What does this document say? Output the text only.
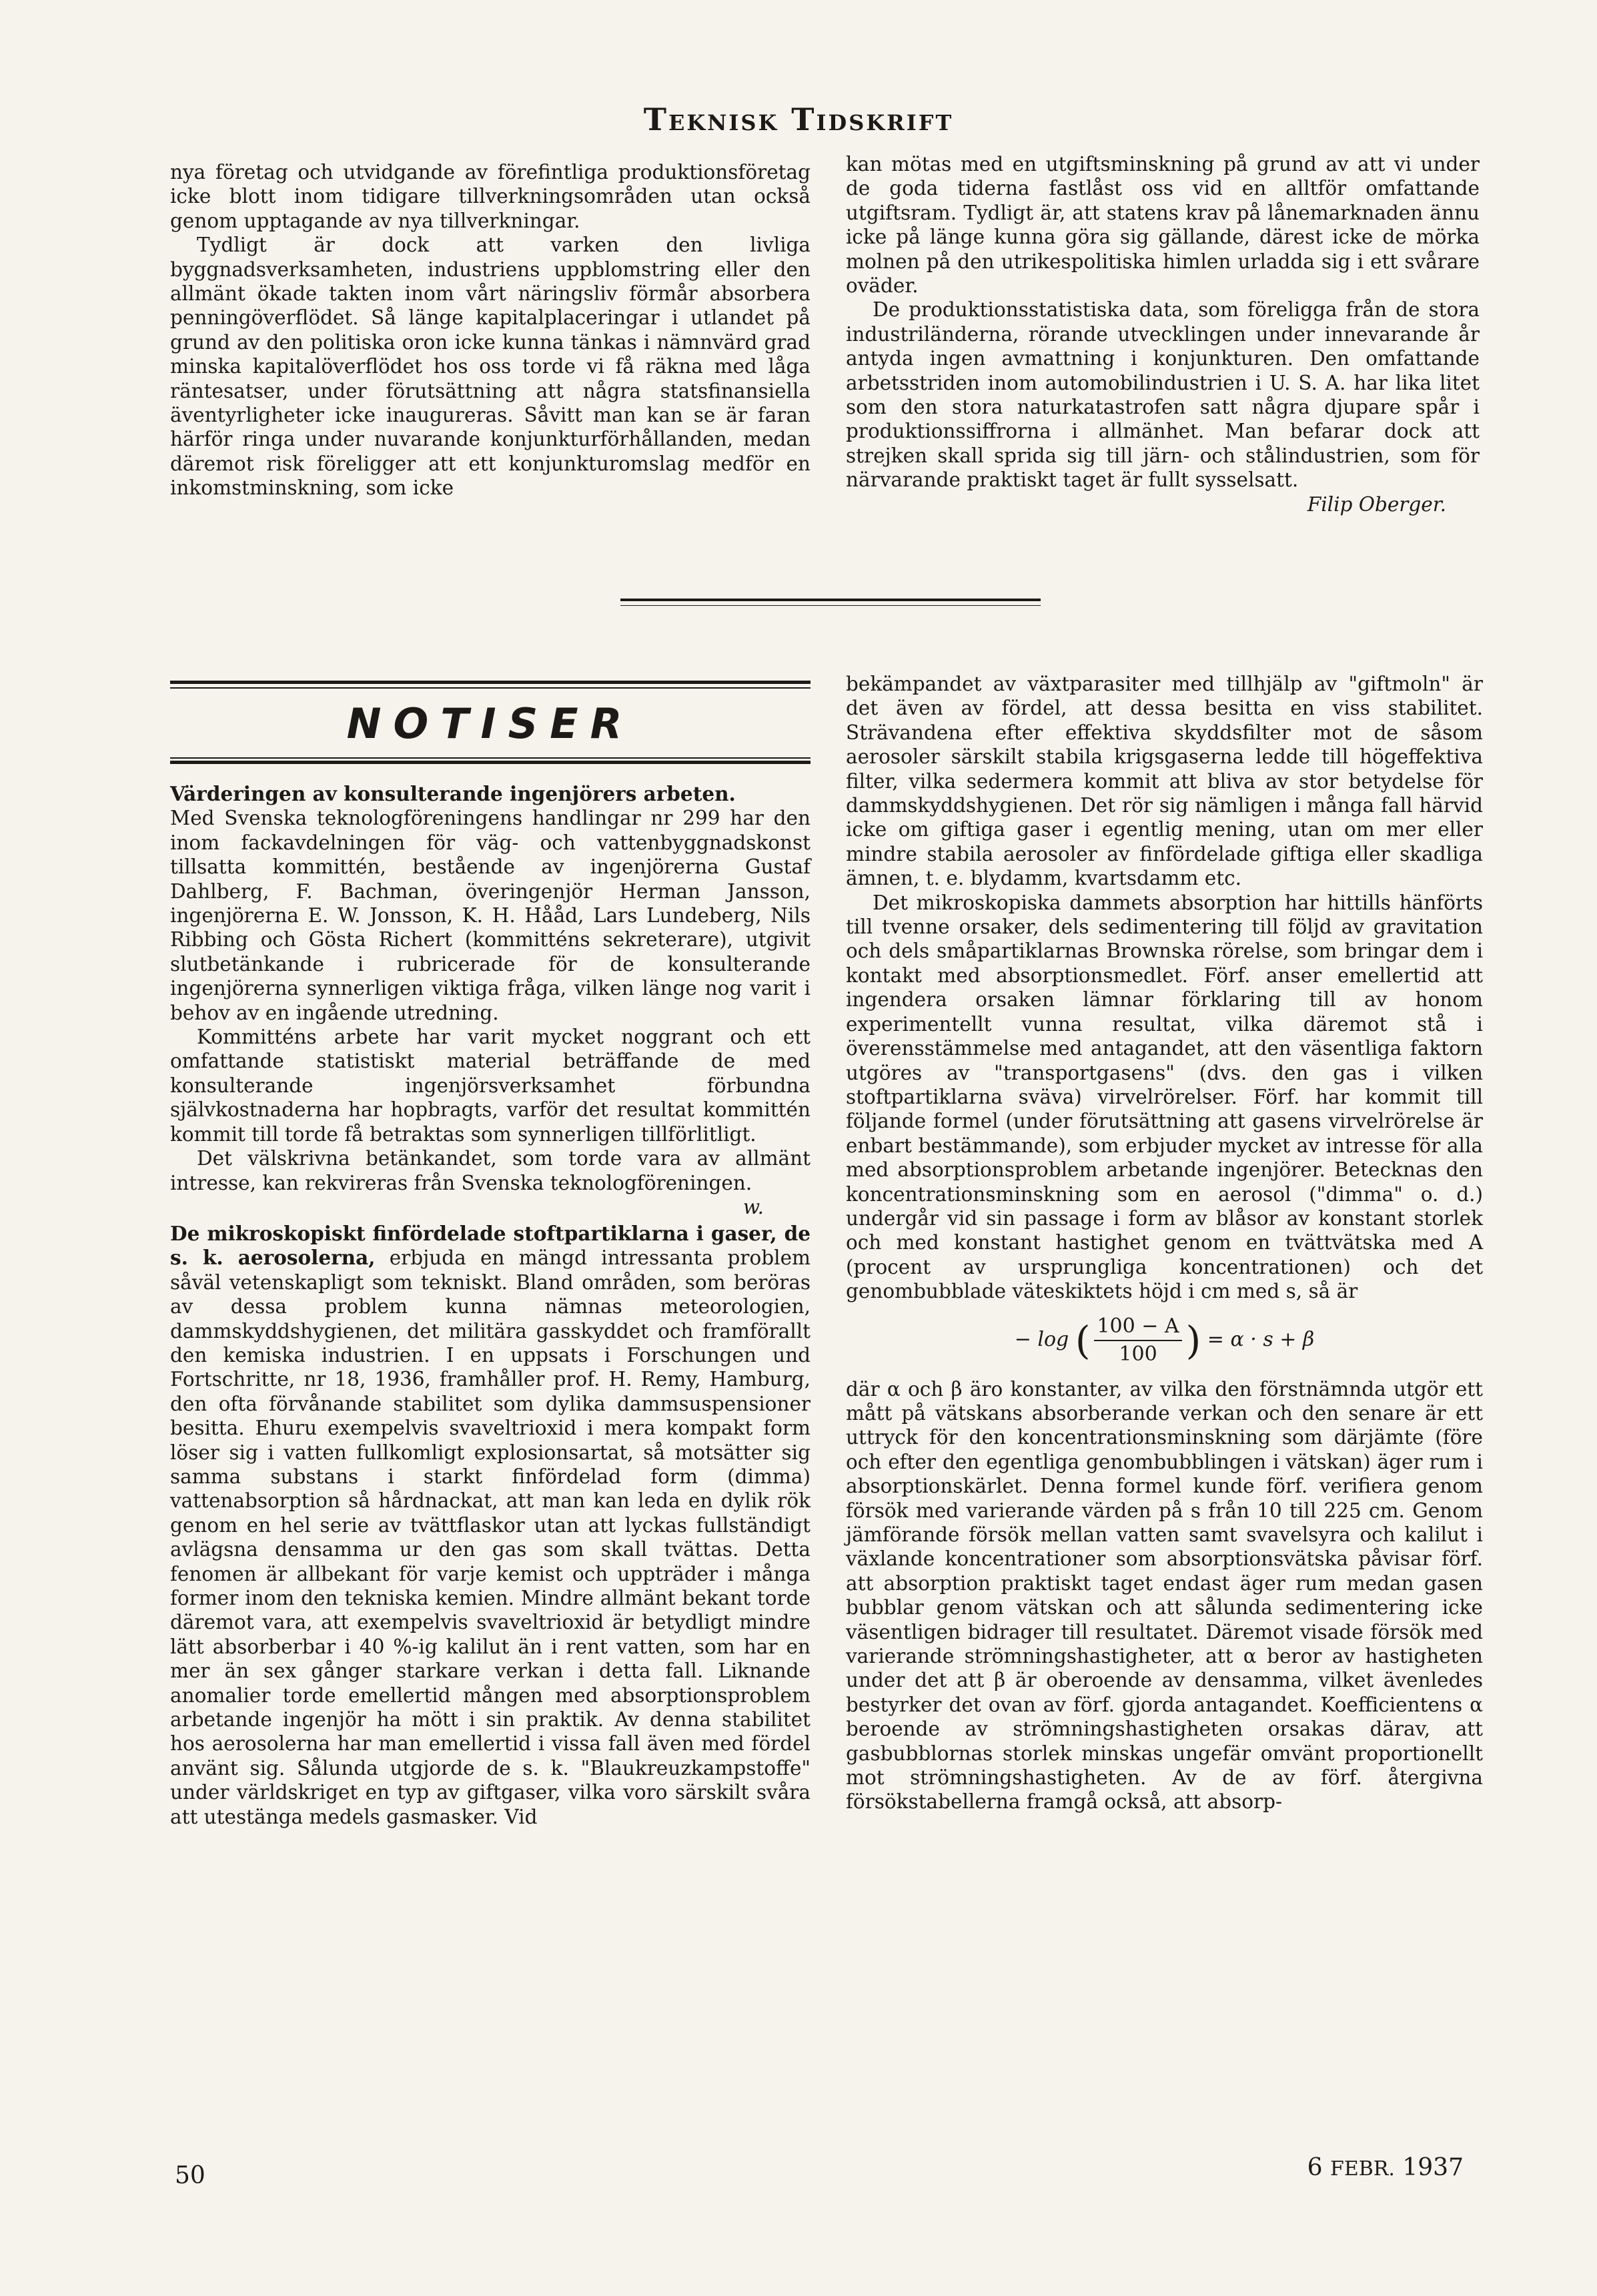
Teknisk Tidskrift

nya företag och utvidgande av förefintliga produktionsföretag icke blott inom tidigare tillverkningsområden utan också genom upptagande av nya tillverkningar.

Tydligt är dock att varken den livliga byggnadsverksamheten, industriens uppblomstring eller den allmänt ökade takten inom vårt näringsliv förmår absorbera penningöverflödet. Så länge kapitalplaceringar i utlandet på grund av den politiska oron icke kunna tänkas i nämnvärd grad minska kapitalöverflödet hos oss torde vi få räkna med låga räntesatser, under förutsättning att några statsfinansiella äventyrligheter icke inaugureras. Såvitt man kan se är faran härför ringa under nuvarande konjunkturförhållanden, medan däremot risk föreligger att ett konjunkturomslag medför en inkomstminskning, som icke

kan mötas med en utgiftsminskning på grund av att vi under de goda tiderna fastlåst oss vid en alltför omfattande utgiftsram. Tydligt är, att statens krav på lånemarknaden ännu icke på länge kunna göra sig gällande, därest icke de mörka molnen på den utrikespolitiska himlen urladda sig i ett svårare oväder.

De produktionsstatistiska data, som föreligga från de stora industriländerna, rörande utvecklingen under innevarande år antyda ingen avmattning i konjunkturen. Den omfattande arbetsstriden inom automobilindustrien i U. S. A. har lika litet som den stora naturkatastrofen satt några djupare spår i produktionssiffrorna i allmänhet. Man befarar dock att strejken skall sprida sig till järn- och stålindustrien, som för närvarande praktiskt taget är fullt sysselsatt.

Filip Oberger.

NOTISER

Värderingen av konsulterande ingenjörers arbeten.
Med Svenska teknologföreningens handlingar nr 299 har den inom fackavdelningen för väg- och vattenbyggnadskonst tillsatta kommittén, bestående av ingenjörerna Gustaf Dahlberg, F. Bachman, överingenjör Herman Jansson, ingenjörerna E. W. Jonsson, K. H. Hååd, Lars Lundeberg, Nils Ribbing och Gösta Richert (kommitténs sekreterare), utgivit slutbetänkande i rubricerade för de konsulterande ingenjörerna synnerligen viktiga fråga, vilken länge nog varit i behov av en ingående utredning.

Kommitténs arbete har varit mycket noggrant och ett omfattande statistiskt material beträffande de med konsulterande ingenjörsverksamhet förbundna självkostnaderna har hopbragts, varför det resultat kommittén kommit till torde få betraktas som synnerligen tillförlitligt.

Det välskrivna betänkandet, som torde vara av allmänt intresse, kan rekvireras från Svenska teknologföreningen.
w.

De mikroskopiskt finfördelade stoftpartiklarna i gaser, de s. k. aerosolerna, erbjuda en mängd intressanta problem såväl vetenskapligt som tekniskt. Bland områden, som beröras av dessa problem kunna nämnas meteorologien, dammskyddshygienen, det militära gasskyddet och framförallt den kemiska industrien. I en uppsats i Forschungen und Fortschritte, nr 18, 1936, framhåller prof. H. Remy, Hamburg, den ofta förvånande stabilitet som dylika dammsuspensioner besitta. Ehuru exempelvis svaveltrioxid i mera kompakt form löser sig i vatten fullkomligt explosionsartat, så motsätter sig samma substans i starkt finfördelad form (dimma) vattenabsorption så hårdnackat, att man kan leda en dylik rök genom en hel serie av tvättflaskor utan att lyckas fullständigt avlägsna densamma ur den gas som skall tvättas. Detta fenomen är allbekant för varje kemist och uppträder i många former inom den tekniska kemien. Mindre allmänt bekant torde däremot vara, att exempelvis svaveltrioxid är betydligt mindre lätt absorberbar i 40 %-ig kalilut än i rent vatten, som har en mer än sex gånger starkare verkan i detta fall. Liknande anomalier torde emellertid mången med absorptionsproblem arbetande ingenjör ha mött i sin praktik. Av denna stabilitet hos aerosolerna har man emellertid i vissa fall även med fördel använt sig. Sålunda utgjorde de s. k. "Blaukreuzkampstoffe" under världskriget en typ av giftgaser, vilka voro särskilt svåra att utestänga medels gasmasker. Vid

bekämpandet av växtparasiter med tillhjälp av "giftmoln" är det även av fördel, att dessa besitta en viss stabilitet. Strävandena efter effektiva skyddsfilter mot de såsom aerosoler särskilt stabila krigsgaserna ledde till högeffektiva filter, vilka sedermera kommit att bliva av stor betydelse för dammskyddshygienen. Det rör sig nämligen i många fall härvid icke om giftiga gaser i egentlig mening, utan om mer eller mindre stabila aerosoler av finfördelade giftiga eller skadliga ämnen, t. e. blydamm, kvartsdamm etc.

Det mikroskopiska dammets absorption har hittills hänförts till tvenne orsaker, dels sedimentering till följd av gravitation och dels småpartiklarnas Brownska rörelse, som bringar dem i kontakt med absorptionsmedlet. Förf. anser emellertid att ingendera orsaken lämnar förklaring till av honom experimentellt vunna resultat, vilka däremot stå i överensstämmelse med antagandet, att den väsentliga faktorn utgöres av "transportgasens" (dvs. den gas i vilken stoftpartiklarna sväva) virvelrörelser. Förf. har kommit till följande formel (under förutsättning att gasens virvelrörelse är enbart bestämmande), som erbjuder mycket av intresse för alla med absorptionsproblem arbetande ingenjörer. Betecknas den koncentrationsminskning som en aerosol ("dimma" o. d.) undergår vid sin passage i form av blåsor av konstant storlek och med konstant hastighet genom en tvättvätska med A (procent av ursprungliga koncentrationen) och det genombubblade väteskiktets höjd i cm med s, så är

− log ( $\frac{100 - A}{100}$ ) = α · s + β

där α och β äro konstanter, av vilka den förstnämnda utgör ett mått på vätskans absorberande verkan och den senare är ett uttryck för den koncentrationsminskning som därjämte (före och efter den egentliga genombubblingen i vätskan) äger rum i absorptionskärlet. Denna formel kunde förf. verifiera genom försök med varierande värden på s från 10 till 225 cm. Genom jämförande försök mellan vatten samt svavelsyra och kalilut i växlande koncentrationer som absorptionsvätska påvisar förf. att absorption praktiskt taget endast äger rum medan gasen bubblar genom vätskan och att sålunda sedimentering icke väsentligen bidrager till resultatet. Däremot visade försök med varierande strömningshastigheter, att α beror av hastigheten under det att β är oberoende av densamma, vilket ävenledes bestyrker det ovan av förf. gjorda antagandet. Koefficientens α beroende av strömningshastigheten orsakas därav, att gasbubblornas storlek minskas ungefär omvänt proportionellt mot strömningshastigheten. Av de av förf. återgivna försökstabellerna framgå också, att absorp-

50	6 FEBR. 1937
